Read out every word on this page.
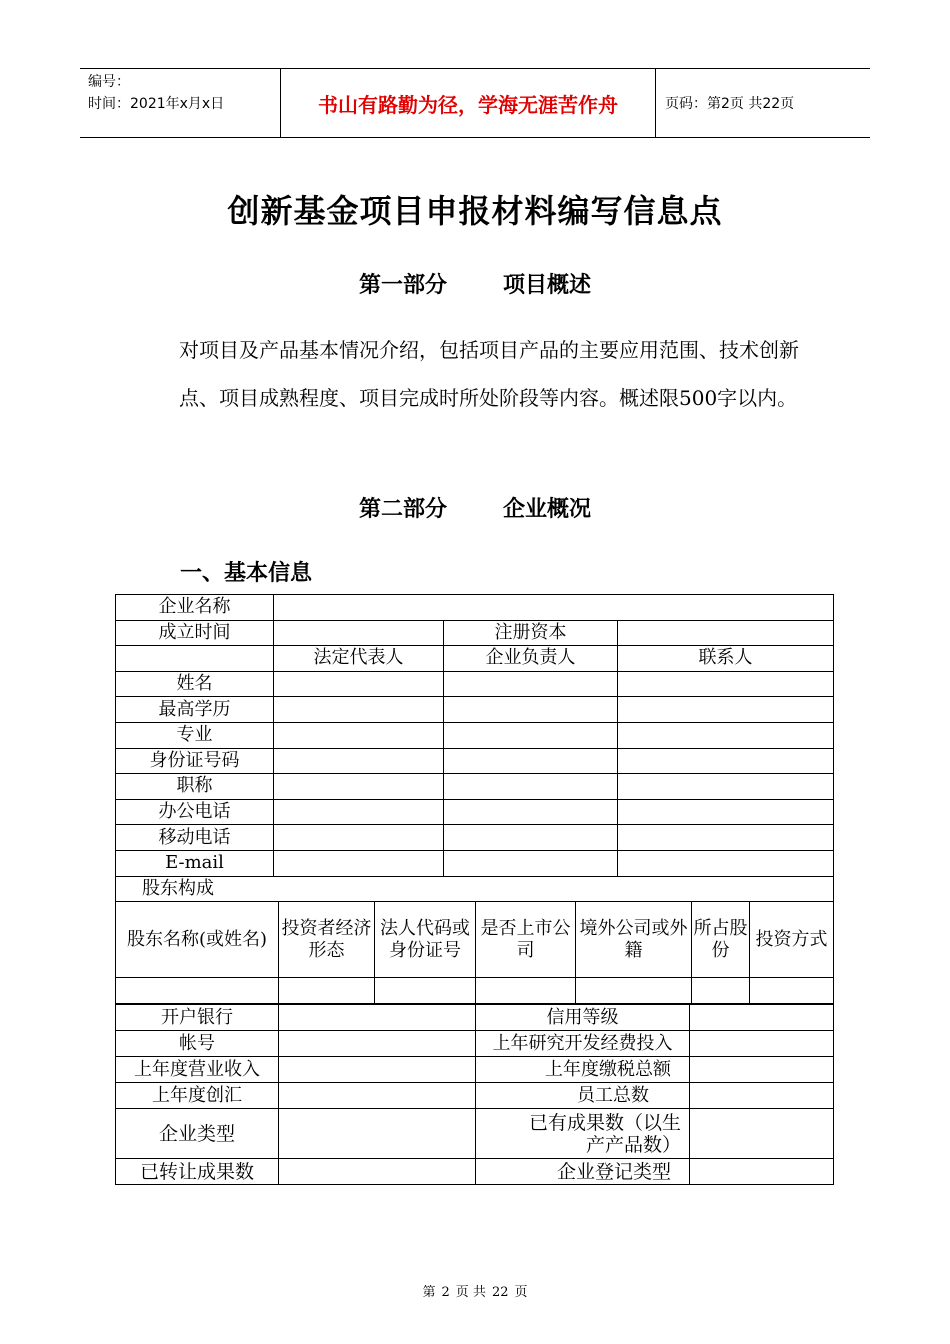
编号：
时间：2021年x月x日	书山有路勤为径，学海无涯苦作舟	页码：第2页 共22页
创新基金项目申报材料编写信息点
第一部分	项目概述
对项目及产品基本情况介绍，包括项目产品的主要应用范围、技术创新点、项目成熟程度、项目完成时所处阶段等内容。概述限500字以内。
第二部分	企业概况
一、基本信息
企业名称			
成立时间		注册资本	
	法定代表人	企业负责人	联系人
姓名			
最高学历			
专业			
身份证号码			
职称			
办公电话			
移动电话			
E-mail			
股东构成			
股东名称(或姓名)	投资者经济形态	法人代码或身份证号	是否上市公司	境外公司或外籍	所占股份	投资方式

开户银行		信用等级	
帐号		上年研究开发经费投入	
上年度营业收入		上年度缴税总额	
上年度创汇		员工总数	
企业类型		已有成果数（以生产产品数）	
已转让成果数		企业登记类型	
第 2 页 共 22 页
